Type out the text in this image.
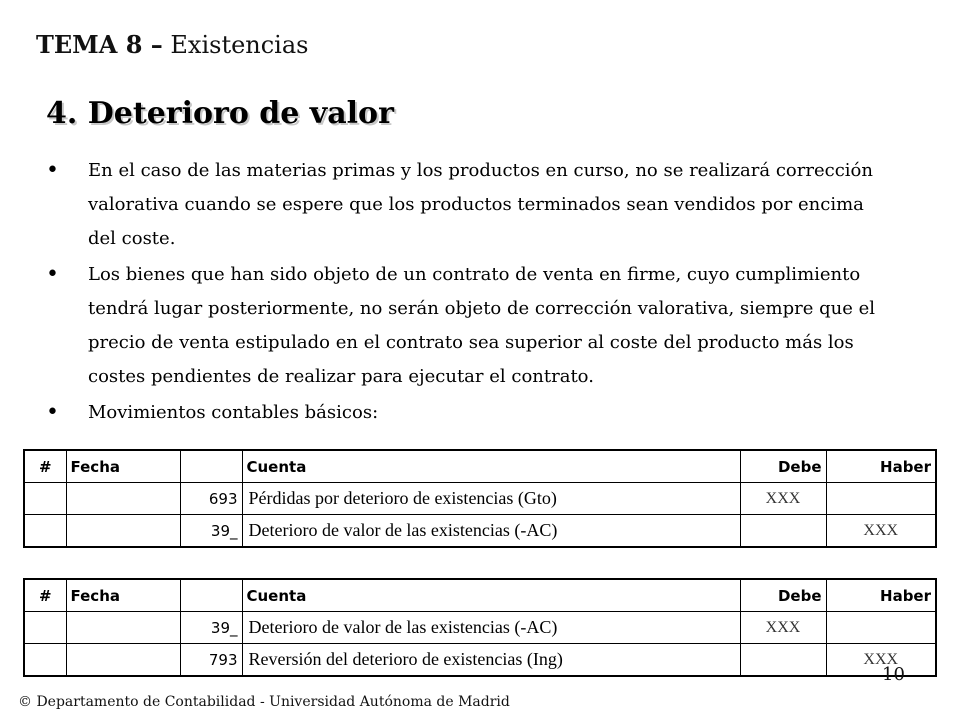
TEMA 8 – Existencias
4. Deterioro de valor
• En el caso de las materias primas y los productos en curso, no se realizará corrección valorativa cuando se espere que los productos terminados sean vendidos por encima del coste.
• Los bienes que han sido objeto de un contrato de venta en firme, cuyo cumplimiento tendrá lugar posteriormente, no serán objeto de corrección valorativa, siempre que el precio de venta estipulado en el contrato sea superior al coste del producto más los costes pendientes de realizar para ejecutar el contrato.
• Movimientos contables básicos:
#	Fecha		Cuenta	Debe	Haber
		693	Pérdidas por deterioro de existencias (Gto)	XXX	
		39_	Deterioro de valor de las existencias (-AC)		XXX
#	Fecha		Cuenta	Debe	Haber
		39_	Deterioro de valor de las existencias (-AC)	XXX	
		793	Reversión del deterioro de existencias (Ing)		XXX
10
© Departamento de Contabilidad - Universidad Autónoma de Madrid
